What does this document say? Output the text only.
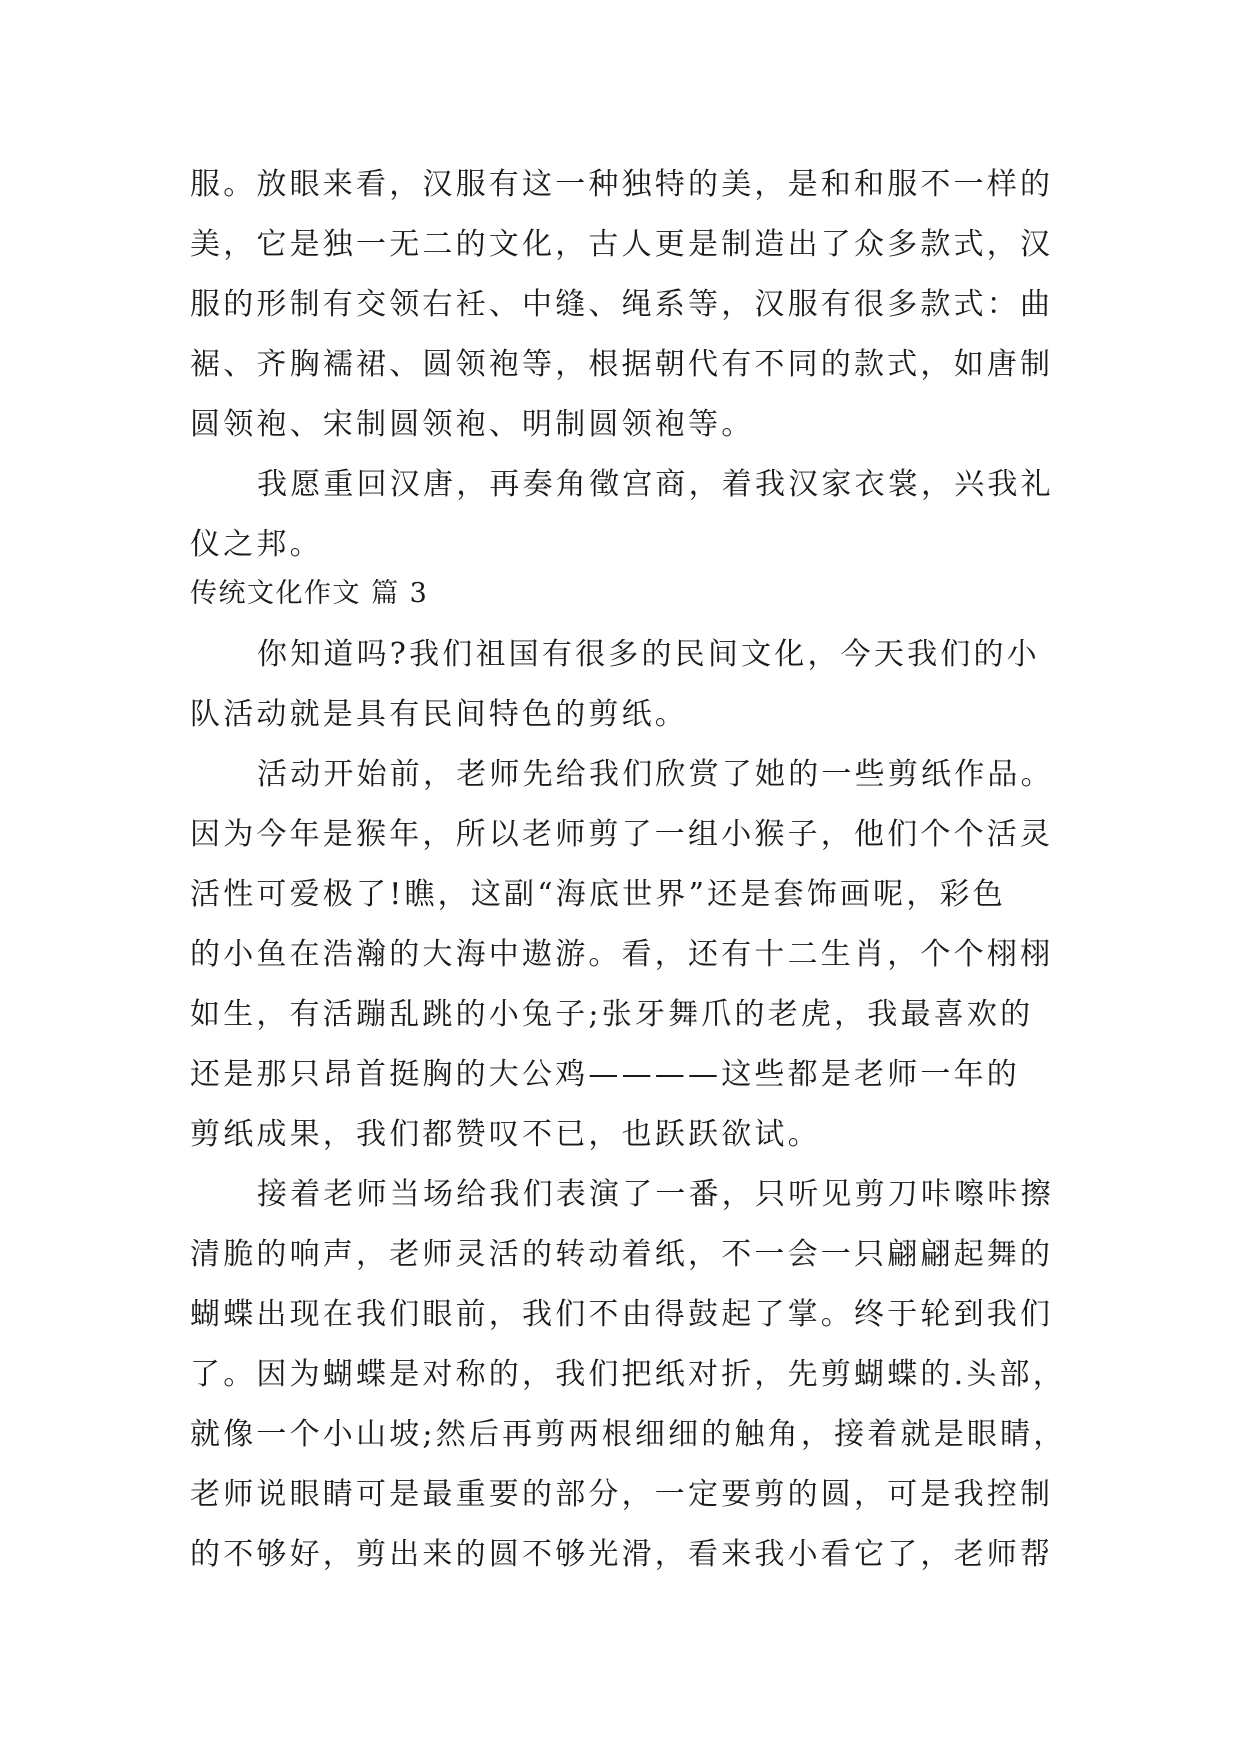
服。放眼来看，汉服有这一种独特的美，是和和服不一样的
美，它是独一无二的文化，古人更是制造出了众多款式，汉
服的形制有交领右衽、中缝、绳系等，汉服有很多款式：曲
裾、齐胸襦裙、圆领袍等，根据朝代有不同的款式，如唐制
圆领袍、宋制圆领袍、明制圆领袍等。
我愿重回汉唐，再奏角徵宫商，着我汉家衣裳，兴我礼
仪之邦。
传统文化作文 篇 3
你知道吗?我们祖国有很多的民间文化，今天我们的小
队活动就是具有民间特色的剪纸。
活动开始前，老师先给我们欣赏了她的一些剪纸作品。
因为今年是猴年，所以老师剪了一组小猴子，他们个个活灵
活性可爱极了!瞧，这副“海底世界”还是套饰画呢，彩色
的小鱼在浩瀚的大海中遨游。看，还有十二生肖，个个栩栩
如生，有活蹦乱跳的小兔子;张牙舞爪的老虎，我最喜欢的
还是那只昂首挺胸的大公鸡————这些都是老师一年的
剪纸成果，我们都赞叹不已，也跃跃欲试。
接着老师当场给我们表演了一番，只听见剪刀咔嚓咔擦
清脆的响声，老师灵活的转动着纸，不一会一只翩翩起舞的
蝴蝶出现在我们眼前，我们不由得鼓起了掌。终于轮到我们
了。因为蝴蝶是对称的，我们把纸对折，先剪蝴蝶的.头部，
就像一个小山坡;然后再剪两根细细的触角，接着就是眼睛，
老师说眼睛可是最重要的部分，一定要剪的圆，可是我控制
的不够好，剪出来的圆不够光滑，看来我小看它了，老师帮
